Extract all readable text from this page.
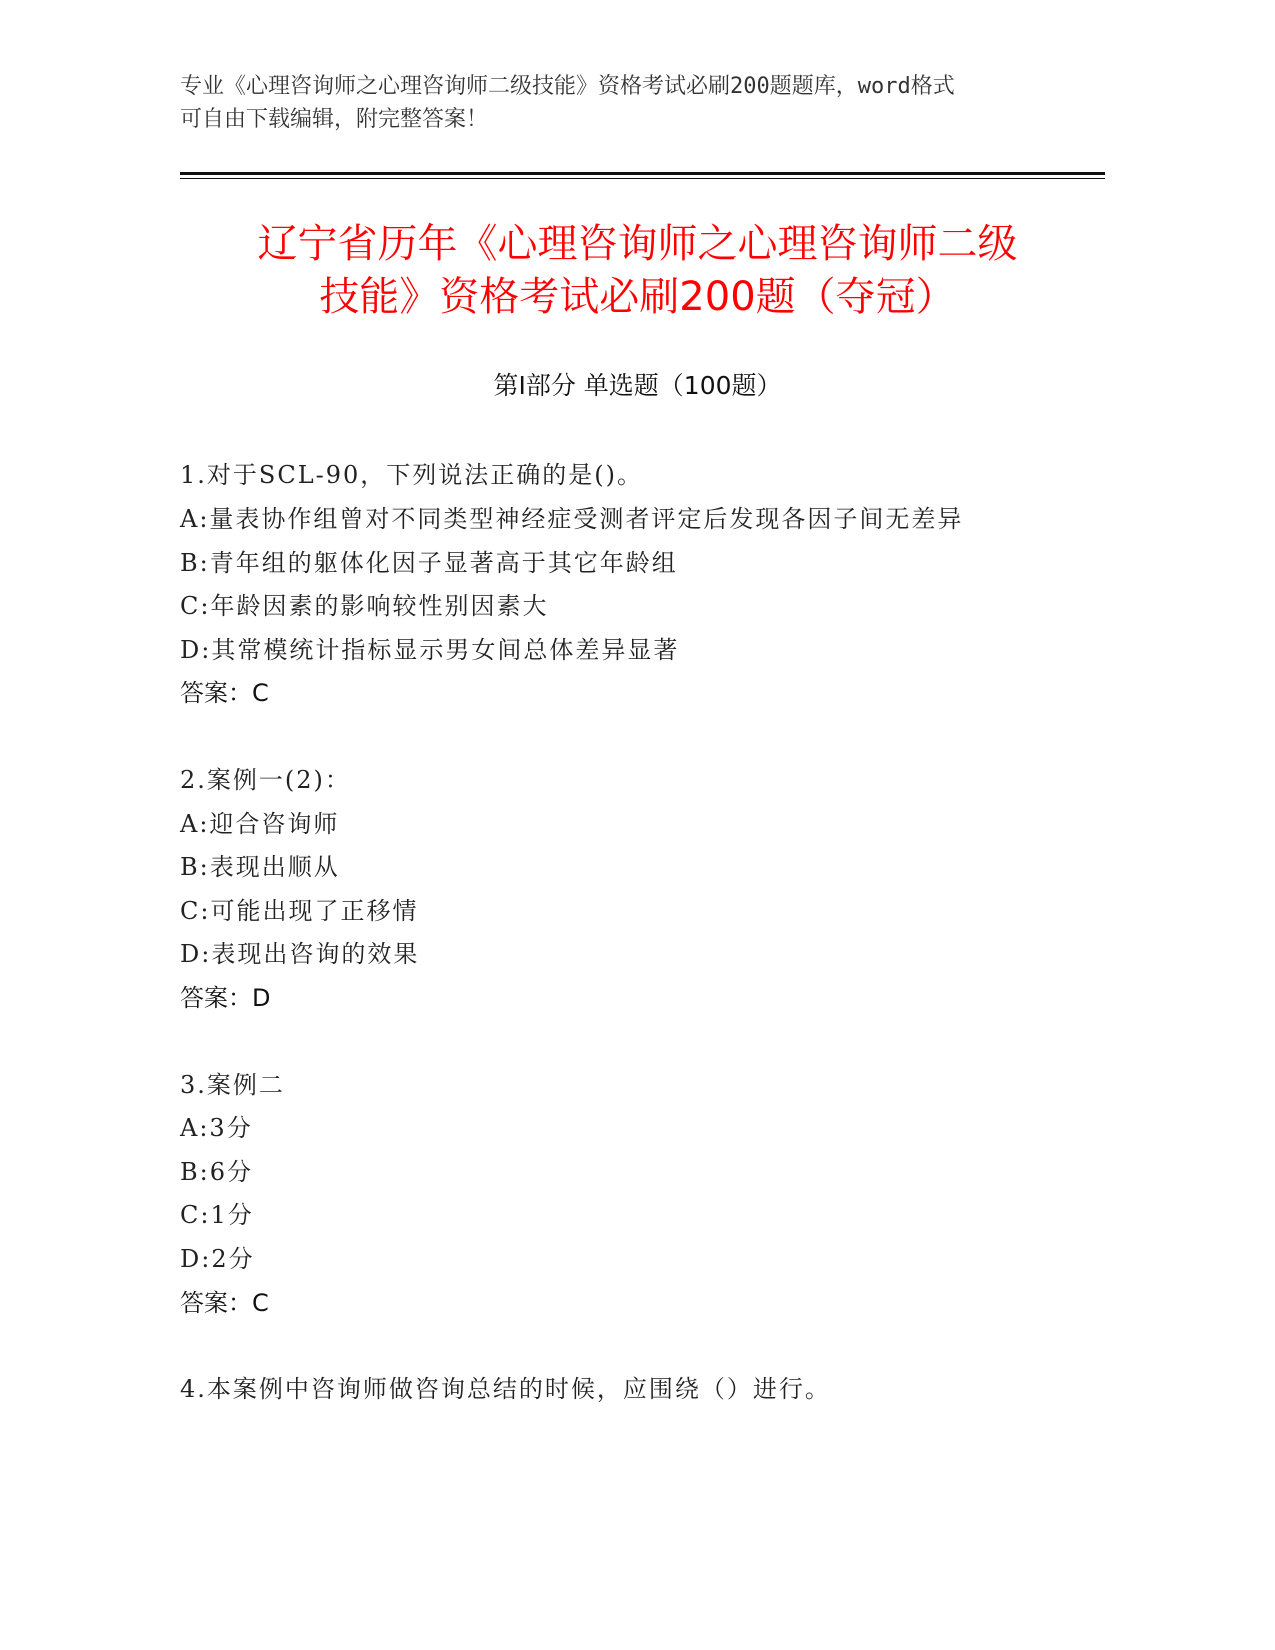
专业《心理咨询师之心理咨询师二级技能》资格考试必刷200题题库，word格式
可自由下载编辑，附完整答案！
辽宁省历年《心理咨询师之心理咨询师二级
技能》资格考试必刷200题（夺冠）
第Ⅰ部分 单选题（100题）
1.对于SCL-90，下列说法正确的是()。
A:量表协作组曾对不同类型神经症受测者评定后发现各因子间无差异
B:青年组的躯体化因子显著高于其它年龄组
C:年龄因素的影响较性别因素大
D:其常模统计指标显示男女间总体差异显著
答案：C
2.案例一(2)：
A:迎合咨询师
B:表现出顺从
C:可能出现了正移情
D:表现出咨询的效果
答案：D
3.案例二
A:3分
B:6分
C:1分
D:2分
答案：C
4.本案例中咨询师做咨询总结的时候，应围绕（）进行。
